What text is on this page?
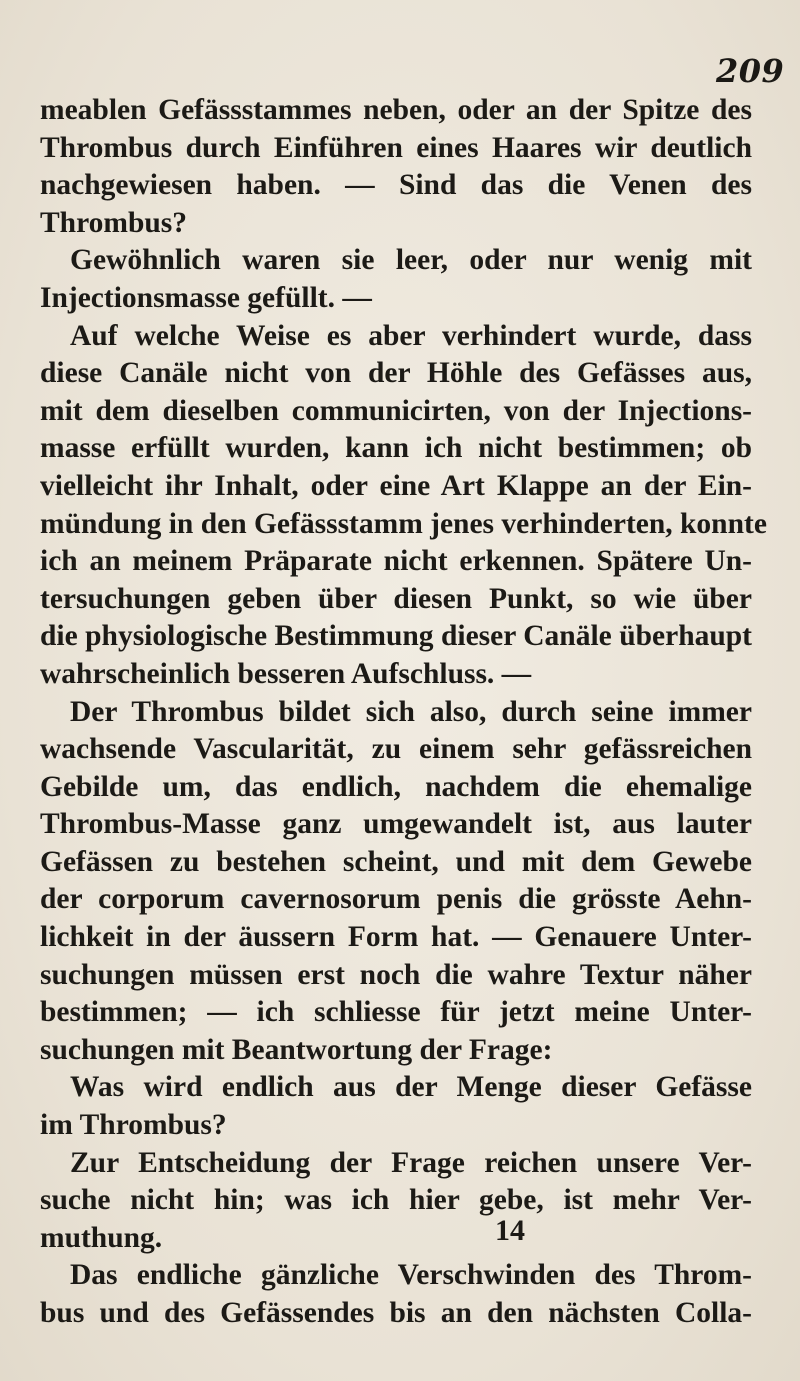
209
meablen Gefässstammes neben, oder an der Spitze des
Thrombus durch Einführen eines Haares wir deutlich
nachgewiesen haben. — Sind das die Venen des
Thrombus?
Gewöhnlich waren sie leer, oder nur wenig mit
Injectionsmasse gefüllt. —
Auf welche Weise es aber verhindert wurde, dass
diese Canäle nicht von der Höhle des Gefässes aus,
mit dem dieselben communicirten, von der Injections-
masse erfüllt wurden, kann ich nicht bestimmen; ob
vielleicht ihr Inhalt, oder eine Art Klappe an der Ein-
mündung in den Gefässstamm jenes verhinderten, konnte
ich an meinem Präparate nicht erkennen. Spätere Un-
tersuchungen geben über diesen Punkt, so wie über
die physiologische Bestimmung dieser Canäle überhaupt
wahrscheinlich besseren Aufschluss. —
Der Thrombus bildet sich also, durch seine immer
wachsende Vascularität, zu einem sehr gefässreichen
Gebilde um, das endlich, nachdem die ehemalige
Thrombus-Masse ganz umgewandelt ist, aus lauter
Gefässen zu bestehen scheint, und mit dem Gewebe
der corporum cavernosorum penis die grösste Aehn-
lichkeit in der äussern Form hat. — Genauere Unter-
suchungen müssen erst noch die wahre Textur näher
bestimmen; — ich schliesse für jetzt meine Unter-
suchungen mit Beantwortung der Frage:
Was wird endlich aus der Menge dieser Gefässe
im Thrombus?
Zur Entscheidung der Frage reichen unsere Ver-
suche nicht hin; was ich hier gebe, ist mehr Ver-
muthung.
Das endliche gänzliche Verschwinden des Throm-
bus und des Gefässendes bis an den nächsten Colla-
14
